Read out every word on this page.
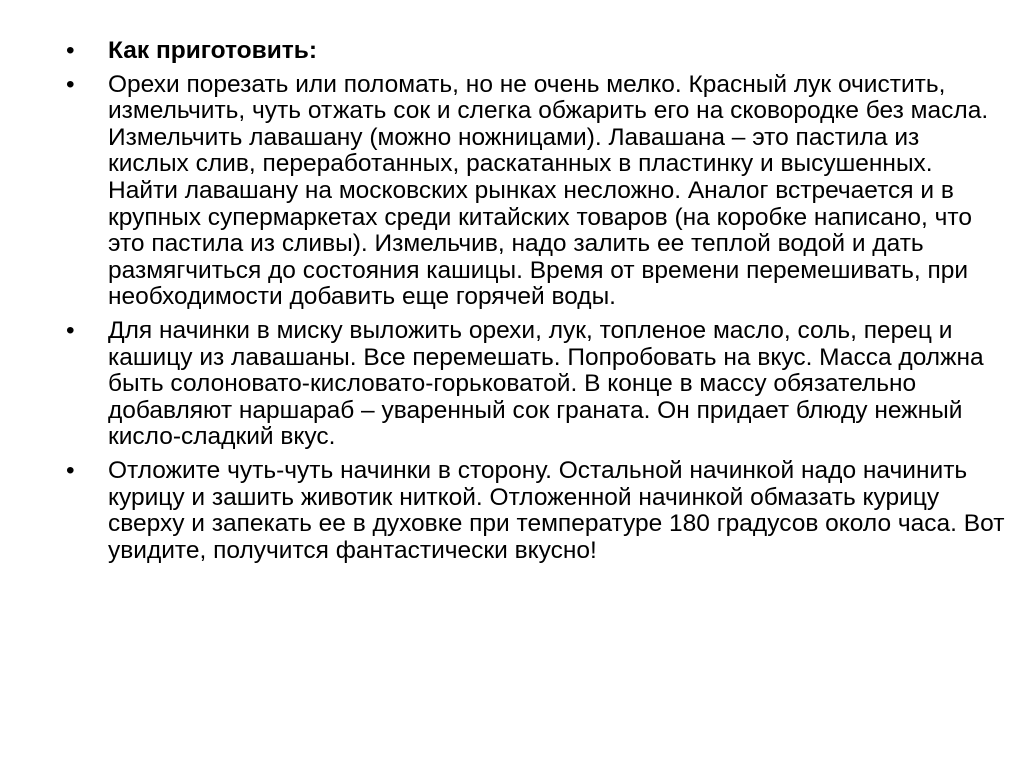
•	Как приготовить:
•	Орехи порезать или поломать, но не очень мелко. Красный лук очистить, измельчить, чуть отжать сок и слегка обжарить его на сковородке без масла. Измельчить лавашану (можно ножницами). Лавашана – это пастила из кислых слив, переработанных, раскатанных в пластинку и высушенных. Найти лавашану на московских рынках несложно. Аналог встречается и в крупных супермаркетах среди китайских товаров (на коробке написано, что это пастила из сливы). Измельчив, надо залить ее теплой водой и дать размягчиться до состояния кашицы. Время от времени перемешивать, при необходимости добавить еще горячей воды.
•	Для начинки в миску выложить орехи, лук, топленое масло, соль, перец и кашицу из лавашаны. Все перемешать. Попробовать на вкус. Масса должна быть солоновато-кисловато-горьковатой. В конце в массу обязательно добавляют наршараб – уваренный сок граната. Он придает блюду нежный кисло-сладкий вкус.
•	Отложите чуть-чуть начинки в сторону. Остальной начинкой надо начинить курицу и зашить животик ниткой. Отложенной начинкой обмазать курицу сверху и запекать ее в духовке при температуре 180 градусов около часа. Вот увидите, получится фантастически вкусно!
